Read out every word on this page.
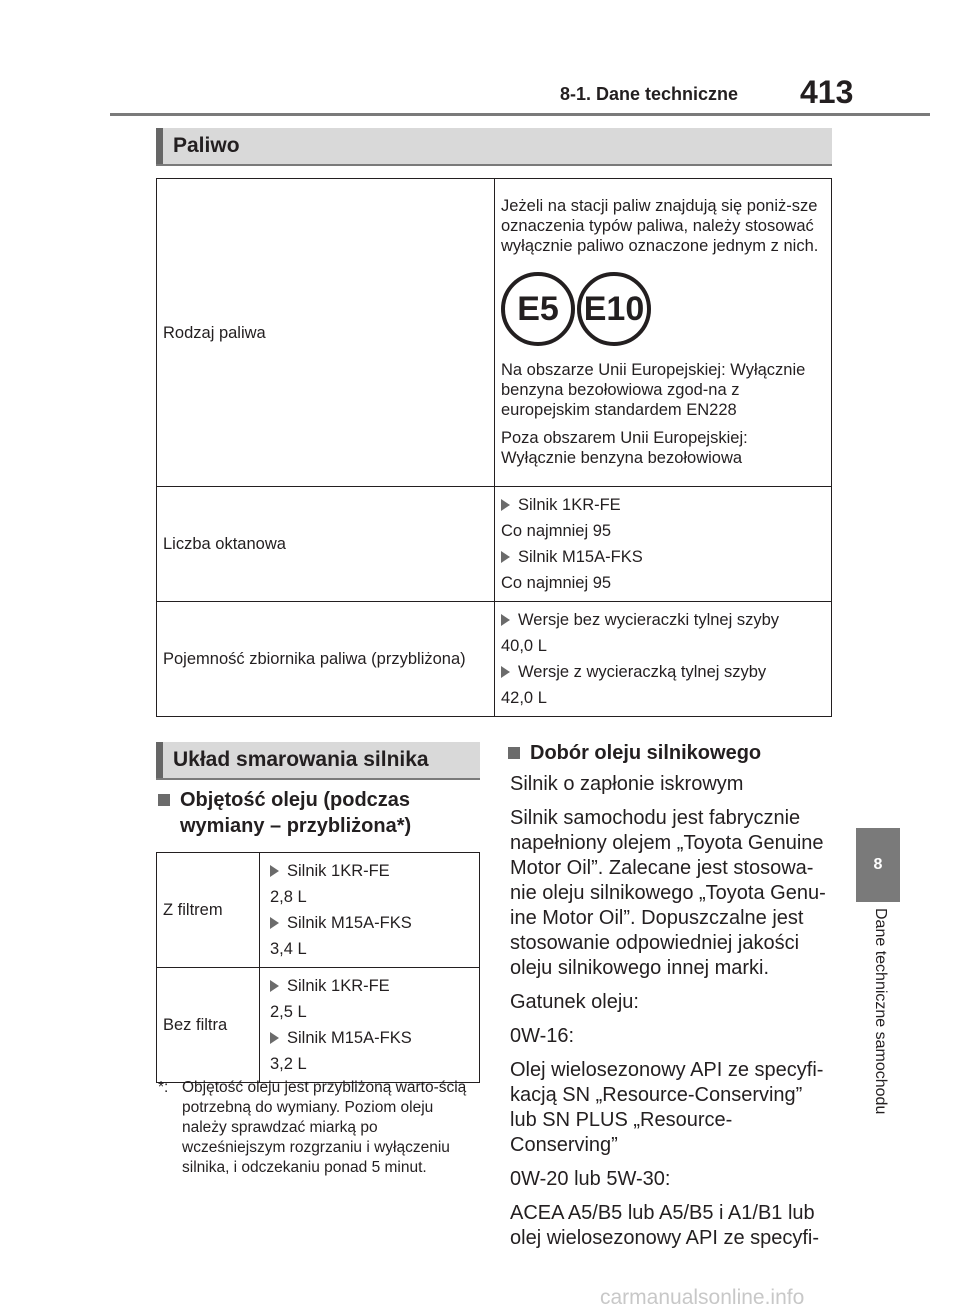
8-1. Dane techniczne 413
Paliwo
Rodzaj paliwa	Jeżeli na stacji paliw znajdują się poniż-sze oznaczenia typów paliwa, należy stosować wyłącznie paliwo oznaczone jednym z nich.
E5 E10
Na obszarze Unii Europejskiej: Wyłącznie benzyna bezołowiowa zgod-na z europejskim standardem EN228
Poza obszarem Unii Europejskiej: Wyłącznie benzyna bezołowiowa

Liczba oktanowa	Silnik 1KR-FE
Co najmniej 95
Silnik M15A-FKS
Co najmniej 95

Pojemność zbiornika paliwa (przybliżona)	Wersje bez wycieraczki tylnej szyby
40,0 L
Wersje z wycieraczką tylnej szyby
42,0 L
Układ smarowania silnika
Objętość oleju (podczas wymiany – przybliżona*)
Z filtrem	Silnik 1KR-FE
2,8 L
Silnik M15A-FKS
3,4 L

Bez filtra	Silnik 1KR-FE
2,5 L
Silnik M15A-FKS
3,2 L
*: Objętość oleju jest przybliżoną warto-ścią potrzebną do wymiany. Poziom oleju należy sprawdzać miarką po wcześniejszym rozgrzaniu i wyłączeniu silnika, i odczekaniu ponad 5 minut.
Dobór oleju silnikowego

Silnik o zapłonie iskrowym

Silnik samochodu jest fabrycznie napełniony olejem „Toyota Genuine Motor Oil”. Zalecane jest stosowa-nie oleju silnikowego „Toyota Genu-ine Motor Oil”. Dopuszczalne jest stosowanie odpowiedniej jakości oleju silnikowego innej marki.

Gatunek oleju:

0W-16:

Olej wielosezonowy API ze specyfi-kacją SN „Resource-Conserving” lub SN PLUS „Resource-Conserving”

0W-20 lub 5W-30:

ACEA A5/B5 lub A5/B5 i A1/B1 lub olej wielosezonowy API ze specyfi-

8
Dane techniczne samochodu
carmanualsonline.info
